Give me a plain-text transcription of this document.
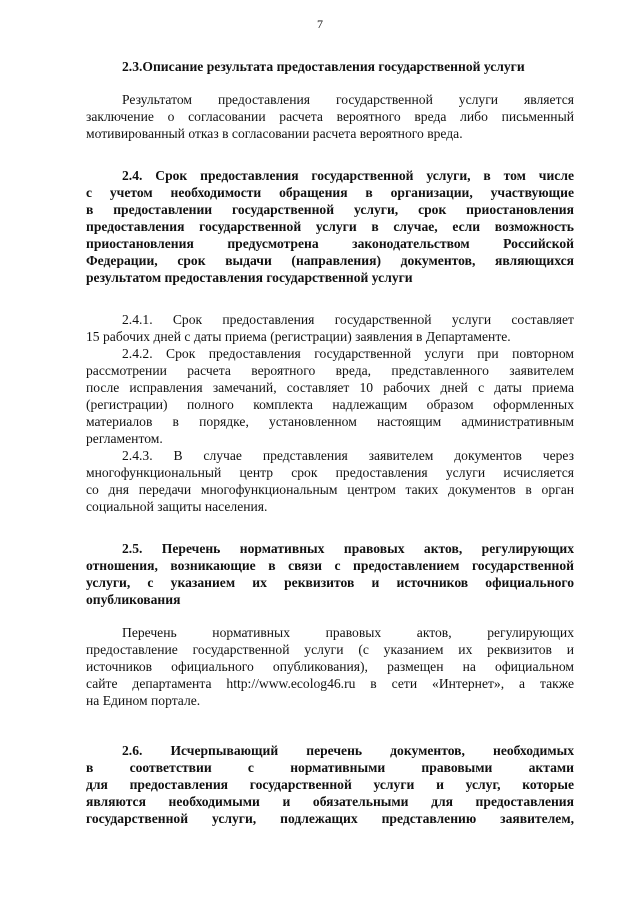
7
2.3.Описание результата предоставления государственной услуги
Результатом предоставления государственной услуги является
заключение о согласовании расчета вероятного вреда либо письменный
мотивированный отказ в согласовании расчета вероятного вреда.
2.4. Срок предоставления государственной услуги, в том числе
с учетом необходимости обращения в организации, участвующие
в предоставлении государственной услуги, срок приостановления
предоставления государственной услуги в случае, если возможность
приостановления предусмотрена законодательством Российской
Федерации, срок выдачи (направления) документов, являющихся
результатом предоставления государственной услуги
2.4.1. Срок предоставления государственной услуги составляет
15 рабочих дней с даты приема (регистрации) заявления в Департаменте.
2.4.2. Срок предоставления государственной услуги при повторном
рассмотрении расчета вероятного вреда, представленного заявителем
после исправления замечаний, составляет 10 рабочих дней с даты приема
(регистрации) полного комплекта надлежащим образом оформленных
материалов в порядке, установленном настоящим административным
регламентом.
2.4.3. В случае представления заявителем документов через
многофункциональный центр срок предоставления услуги исчисляется
со дня передачи многофункциональным центром таких документов в орган
социальной защиты населения.
2.5. Перечень нормативных правовых актов, регулирующих
отношения, возникающие в связи с предоставлением государственной
услуги, с указанием их реквизитов и источников официального
опубликования
Перечень нормативных правовых актов, регулирующих
предоставление государственной услуги (с указанием их реквизитов и
источников официального опубликования), размещен на официальном
сайте департамента http://www.ecolog46.ru в сети «Интернет», а также
на Едином портале.
2.6. Исчерпывающий перечень документов, необходимых
в соответствии с нормативными правовыми актами
для предоставления государственной услуги и услуг, которые
являются необходимыми и обязательными для предоставления
государственной услуги, подлежащих представлению заявителем,
